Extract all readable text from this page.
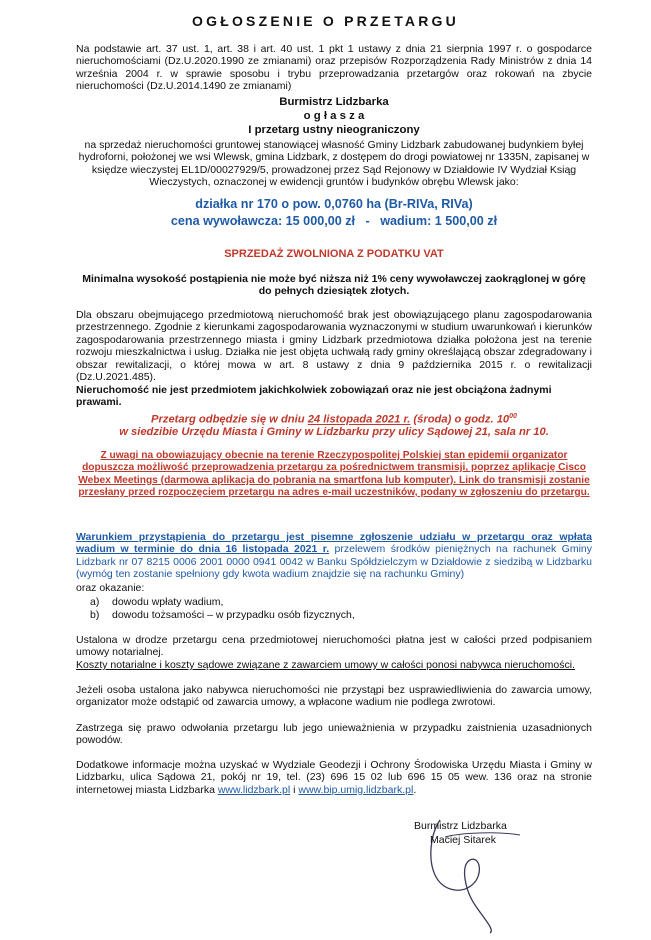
OGŁOSZENIE O PRZETARGU
Na podstawie art. 37 ust. 1, art. 38 i art. 40 ust. 1 pkt 1 ustawy z dnia 21 sierpnia 1997 r. o gospodarce nieruchomościami (Dz.U.2020.1990 ze zmianami) oraz przepisów Rozporządzenia Rady Ministrów z dnia 14 września 2004 r. w sprawie sposobu i trybu przeprowadzania przetargów oraz rokowań na zbycie nieruchomości (Dz.U.2014.1490 ze zmianami)
Burmistrz Lidzbarka
o g ł a s z a
I przetarg ustny nieograniczony
na sprzedaż nieruchomości gruntowej stanowiącej własność Gminy Lidzbark zabudowanej budynkiem byłej hydroforni, położonej we wsi Wlewsk, gmina Lidzbark, z dostępem do drogi powiatowej nr 1335N, zapisanej w księdze wieczystej EL1D/00027929/5, prowadzonej przez Sąd Rejonowy w Działdowie IV Wydział Ksiąg Wieczystych, oznaczonej w ewidencji gruntów i budynków obrębu Wlewsk jako:
działka nr 170 o pow. 0,0760 ha (Br-RIVa, RIVa)
cena wywoławcza: 15 000,00 zł   -   wadium: 1 500,00 zł
SPRZEDAŻ ZWOLNIONA Z PODATKU VAT
Minimalna wysokość postąpienia nie może być niższa niż 1% ceny wywoławczej zaokrąglonej w górę do pełnych dziesiątek złotych.
Dla obszaru obejmującego przedmiotową nieruchomość brak jest obowiązującego planu zagospodarowania przestrzennego. Zgodnie z kierunkami zagospodarowania wyznaczonymi w studium uwarunkowań i kierunków zagospodarowania przestrzennego miasta i gminy Lidzbark przedmiotowa działka położona jest na terenie rozwoju mieszkalnictwa i usług. Działka nie jest objęta uchwałą rady gminy określającą obszar zdegradowany i obszar rewitalizacji, o której mowa w art. 8 ustawy z dnia 9 października 2015 r. o rewitalizacji (Dz.U.2021.485).
Nieruchomość nie jest przedmiotem jakichkolwiek zobowiązań oraz nie jest obciążona żadnymi prawami.
Przetarg odbędzie się w dniu 24 listopada 2021 r. (środa) o godz. $10^{00}$
w siedzibie Urzędu Miasta i Gminy w Lidzbarku przy ulicy Sądowej 21, sala nr 10.
Z uwagi na obowiązujący obecnie na terenie Rzeczypospolitej Polskiej stan epidemii organizator dopuszcza możliwość przeprowadzenia przetargu za pośrednictwem transmisji, poprzez aplikację Cisco Webex Meetings (darmowa aplikacja do pobrania na smartfona lub komputer). Link do transmisji zostanie przesłany przed rozpoczęciem przetargu na adres e-mail uczestników, podany w zgłoszeniu do przetargu.
Warunkiem przystąpienia do przetargu jest pisemne zgłoszenie udziału w przetargu oraz wpłata wadium w terminie do dnia 16 listopada 2021 r. przelewem środków pieniężnych na rachunek Gminy Lidzbark nr 07 8215 0006 2001 0000 0941 0042 w Banku Spółdzielczym w Działdowie z siedzibą w Lidzbarku (wymóg ten zostanie spełniony gdy kwota wadium znajdzie się na rachunku Gminy)
oraz okazanie:
a) dowodu wpłaty wadium,
b) dowodu tożsamości – w przypadku osób fizycznych,
Ustalona w drodze przetargu cena przedmiotowej nieruchomości płatna jest w całości przed podpisaniem umowy notarialnej.
Koszty notarialne i koszty sądowe związane z zawarciem umowy w całości ponosi nabywca nieruchomości.
Jeżeli osoba ustalona jako nabywca nieruchomości nie przystąpi bez usprawiedliwienia do zawarcia umowy, organizator może odstąpić od zawarcia umowy, a wpłacone wadium nie podlega zwrotowi.
Zastrzega się prawo odwołania przetargu lub jego unieważnienia w przypadku zaistnienia uzasadnionych powodów.
Dodatkowe informacje można uzyskać w Wydziale Geodezji i Ochrony Środowiska Urzędu Miasta i Gminy w Lidzbarku, ulica Sądowa 21, pokój nr 19, tel. (23) 696 15 02 lub 696 15 05 wew. 136 oraz na stronie internetowej miasta Lidzbarka www.lidzbark.pl i www.bip.umig.lidzbark.pl.
Burmistrz Lidzbarka
Maciej Sitarek
